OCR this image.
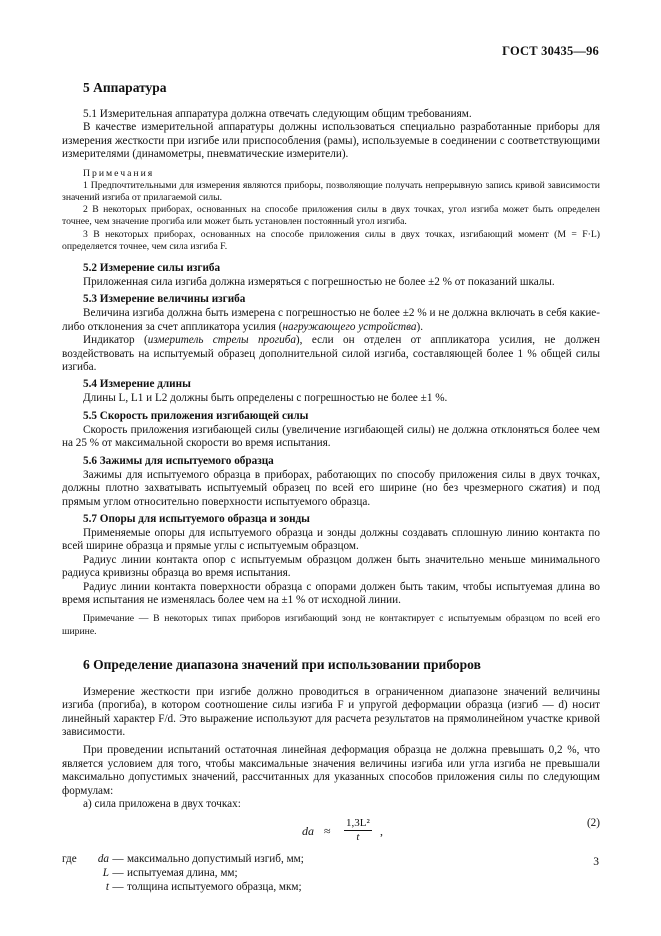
ГОСТ 30435—96
5 Аппаратура

5.1 Измерительная аппаратура должна отвечать следующим общим требованиям.

В качестве измерительной аппаратуры должны использоваться специально разработанные приборы для измерения жесткости при изгибе или приспособления (рамы), используемые в соединении с соответствующими измерителями (динамометры, пневматические измерители).

Примечания

1 Предпочтительными для измерения являются приборы, позволяющие получать непрерывную запись кривой зависимости значений изгиба от прилагаемой силы.

2 В некоторых приборах, основанных на способе приложения силы в двух точках, угол изгиба может быть определен точнее, чем значение прогиба или может быть установлен постоянный угол изгиба.

3 В некоторых приборах, основанных на способе приложения силы в двух точках, изгибающий момент (M = F·L) определяется точнее, чем сила изгиба F.

5.2 Измерение силы изгиба

Приложенная сила изгиба должна измеряться с погрешностью не более ±2 % от показаний шкалы.

5.3 Измерение величины изгиба

Величина изгиба должна быть измерена с погрешностью не более ±2 % и не должна включать в себя какие-либо отклонения за счет аппликатора усилия (нагружающего устройства).

Индикатор (измеритель стрелы прогиба), если он отделен от аппликатора усилия, не должен воздействовать на испытуемый образец дополнительной силой изгиба, составляющей более 1 % общей силы изгиба.

5.4 Измерение длины

Длины L, L1 и L2 должны быть определены с погрешностью не более ±1 %.

5.5 Скорость приложения изгибающей силы

Скорость приложения изгибающей силы (увеличение изгибающей силы) не должна отклоняться более чем на 25 % от максимальной скорости во время испытания.

5.6 Зажимы для испытуемого образца

Зажимы для испытуемого образца в приборах, работающих по способу приложения силы в двух точках, должны плотно захватывать испытуемый образец по всей его ширине (но без чрезмерного сжатия) и под прямым углом относительно поверхности испытуемого образца.

5.7 Опоры для испытуемого образца и зонды

Применяемые опоры для испытуемого образца и зонды должны создавать сплошную линию контакта по всей ширине образца и прямые углы с испытуемым образцом.

Радиус линии контакта опор с испытуемым образцом должен быть значительно меньше минимального радиуса кривизны образца во время испытания.

Радиус линии контакта поверхности образца с опорами должен быть таким, чтобы испытуемая длина во время испытания не изменялась более чем на ±1 % от исходной линии.

Примечание — В некоторых типах приборов изгибающий зонд не контактирует с испытуемым образцом по всей его ширине.

6 Определение диапазона значений при использовании приборов

Измерение жесткости при изгибе должно проводиться в ограниченном диапазоне значений величины изгиба (прогиба), в котором соотношение силы изгиба F и упругой деформации образца (изгиб — d) носит линейный характер F/d. Это выражение используют для расчета результатов на прямолинейном участке кривой зависимости.

При проведении испытаний остаточная линейная деформация образца не должна превышать 0,2 %, что является условием для того, чтобы максимальные значения величины изгиба или угла изгиба не превышали максимально допустимых значений, рассчитанных для указанных способов приложения силы по следующим формулам:

а) сила приложена в двух точках:

da ≈ $\frac{\text{1,3L²}}{t}$ ,
(2)
где	da — максимально допустимый изгиб, мм;
L — испытуемая длина, мм;
t — толщина испытуемого образца, мкм;
3
